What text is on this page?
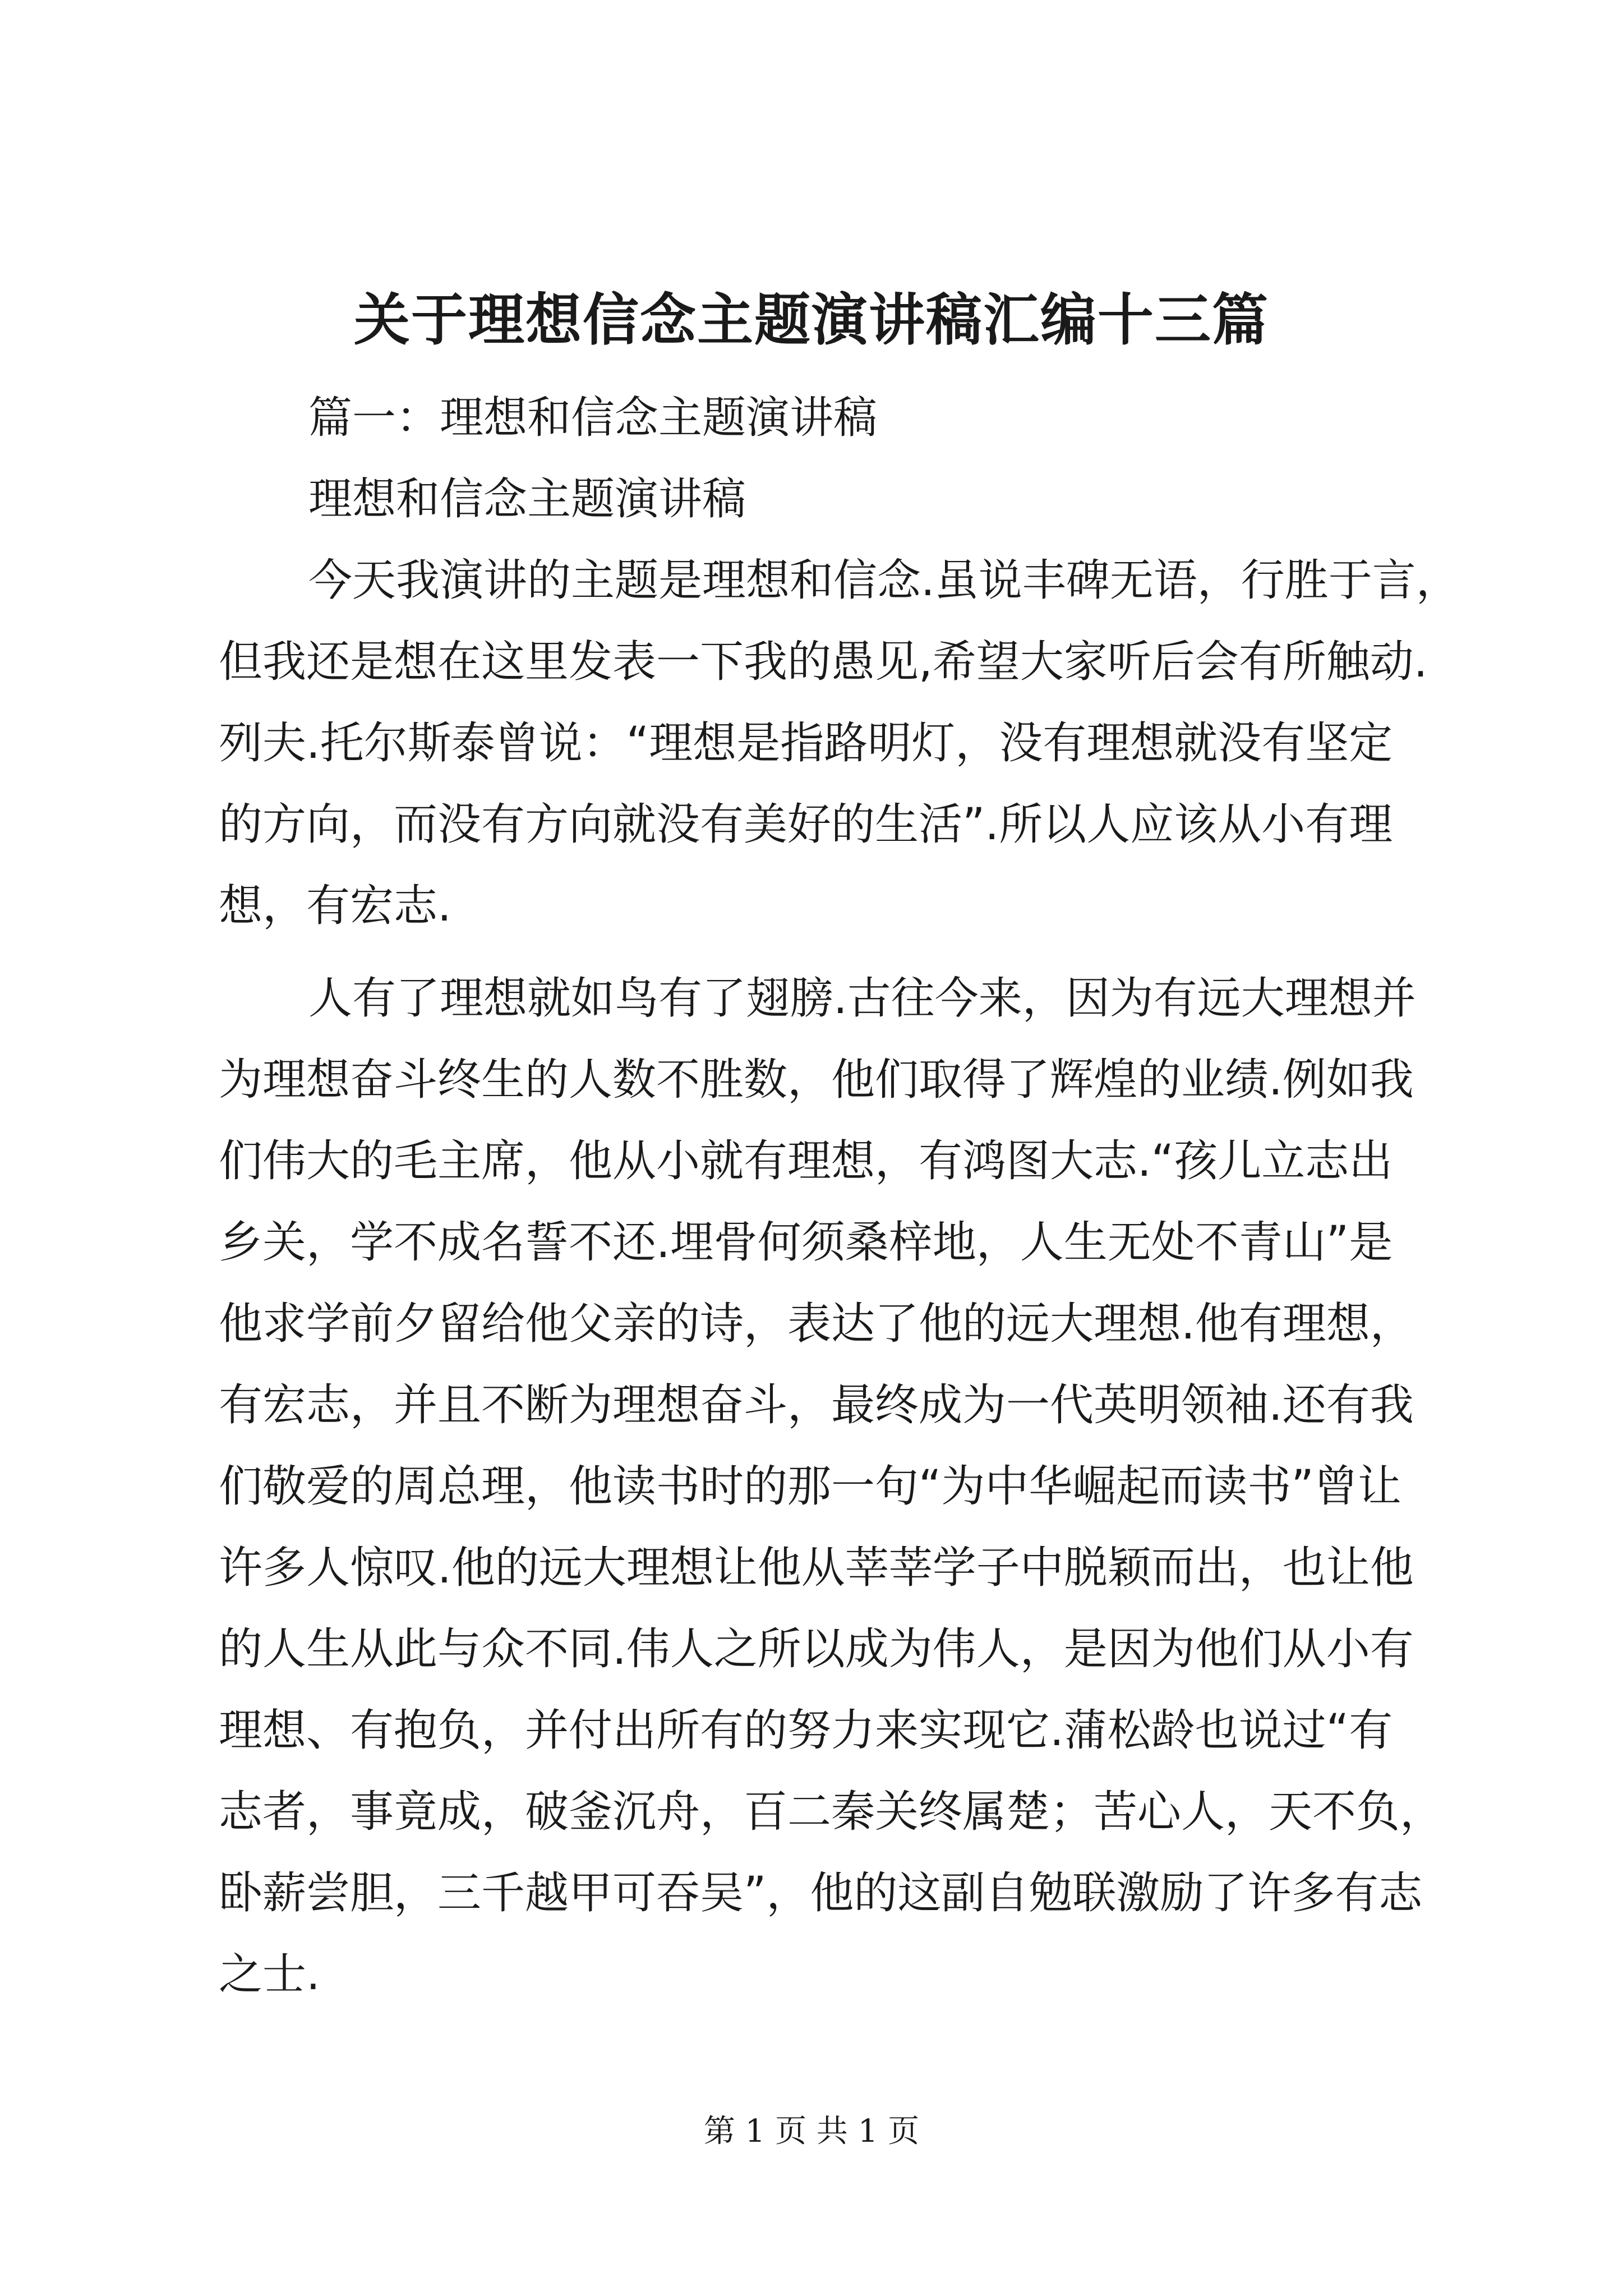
关于理想信念主题演讲稿汇编十三篇
篇一：理想和信念主题演讲稿
理想和信念主题演讲稿
今天我演讲的主题是理想和信念.虽说丰碑无语，行胜于言，
但我还是想在这里发表一下我的愚见,希望大家听后会有所触动.
列夫.托尔斯泰曾说：“理想是指路明灯，没有理想就没有坚定
的方向，而没有方向就没有美好的生活”.所以人应该从小有理
想，有宏志.
人有了理想就如鸟有了翅膀.古往今来，因为有远大理想并
为理想奋斗终生的人数不胜数，他们取得了辉煌的业绩.例如我
们伟大的毛主席，他从小就有理想，有鸿图大志.“孩儿立志出
乡关，学不成名誓不还.埋骨何须桑梓地，人生无处不青山”是
他求学前夕留给他父亲的诗，表达了他的远大理想.他有理想，
有宏志，并且不断为理想奋斗，最终成为一代英明领袖.还有我
们敬爱的周总理，他读书时的那一句“为中华崛起而读书”曾让
许多人惊叹.他的远大理想让他从莘莘学子中脱颖而出，也让他
的人生从此与众不同.伟人之所以成为伟人，是因为他们从小有
理想、有抱负，并付出所有的努力来实现它.蒲松龄也说过“有
志者，事竟成，破釜沉舟，百二秦关终属楚；苦心人，天不负，
卧薪尝胆，三千越甲可吞吴”，他的这副自勉联激励了许多有志
之士.
第 1 页 共 1 页
